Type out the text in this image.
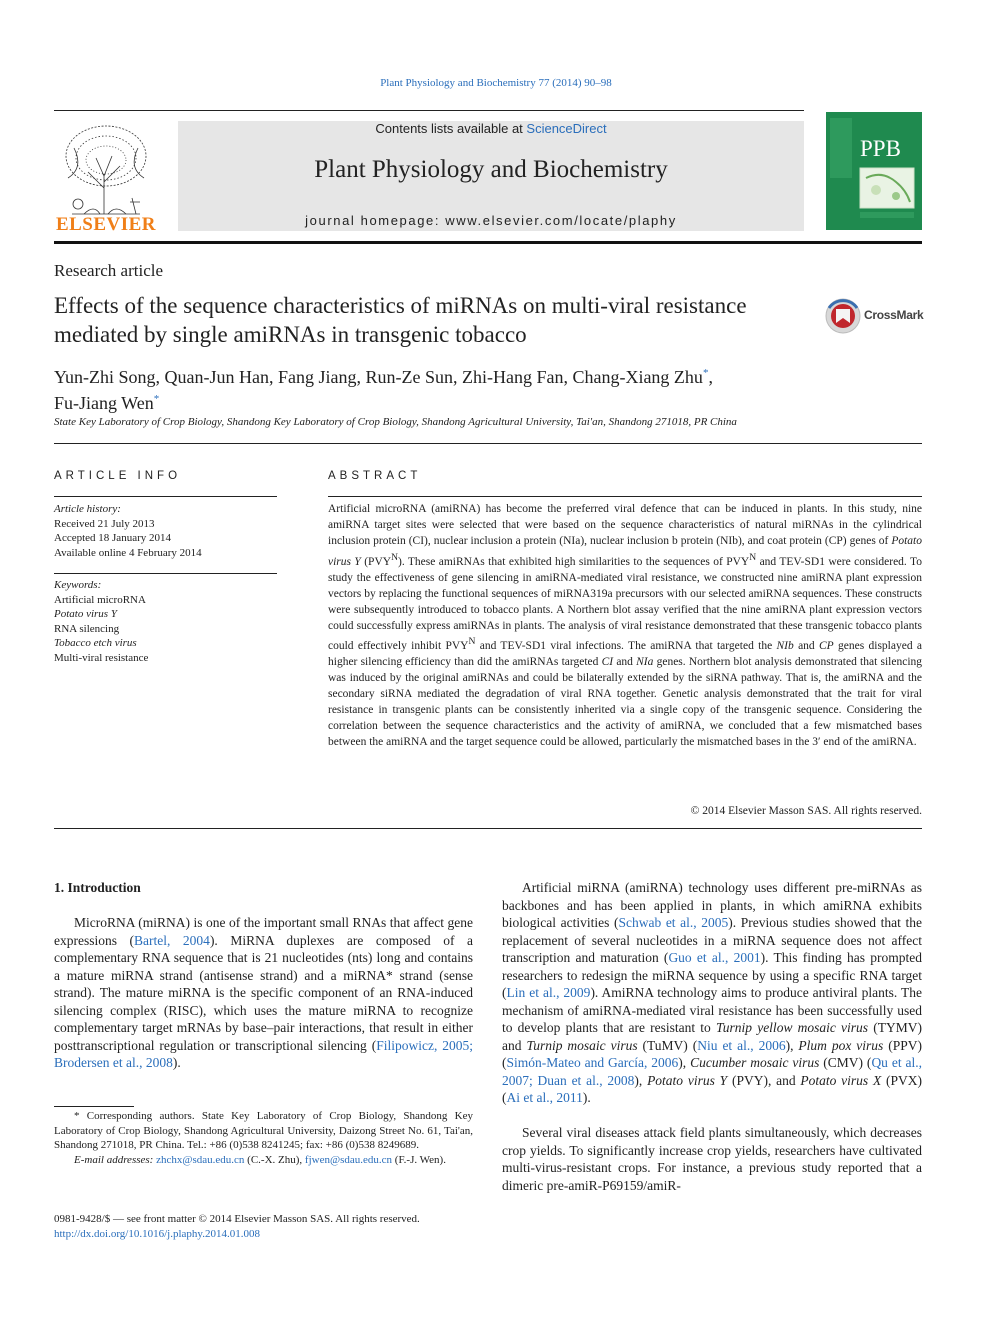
Plant Physiology and Biochemistry 77 (2014) 90–98
ELSEVIER
Contents lists available at ScienceDirect
Plant Physiology and Biochemistry
journal homepage: www.elsevier.com/locate/plaphy
PPB
Research article
Effects of the sequence characteristics of miRNAs on multi-viral resistance mediated by single amiRNAs in transgenic tobacco
CrossMark
Yun-Zhi Song, Quan-Jun Han, Fang Jiang, Run-Ze Sun, Zhi-Hang Fan, Chang-Xiang Zhu*,
Fu-Jiang Wen*
State Key Laboratory of Crop Biology, Shandong Key Laboratory of Crop Biology, Shandong Agricultural University, Tai'an, Shandong 271018, PR China
ARTICLE INFO	ABSTRACT
Article history:
Received 21 July 2013
Accepted 18 January 2014
Available online 4 February 2014
Keywords:
Artificial microRNA
Potato virus Y
RNA silencing
Tobacco etch virus
Multi-viral resistance
Artificial microRNA (amiRNA) has become the preferred viral defence that can be induced in plants. In this study, nine amiRNA target sites were selected that were based on the sequence characteristics of natural miRNAs in the cylindrical inclusion protein (CI), nuclear inclusion a protein (NIa), nuclear inclusion b protein (NIb), and coat protein (CP) genes of Potato virus Y $(PVY^N)$. These amiRNAs that exhibited high similarities to the sequences of $PVY^N$ and TEV-SD1 were considered. To study the effectiveness of gene silencing in amiRNA-mediated viral resistance, we constructed nine amiRNA plant expression vectors by replacing the functional sequences of miRNA319a precursors with our selected amiRNA sequences. These constructs were subsequently introduced to tobacco plants. A Northern blot assay verified that the nine amiRNA plant expression vectors could successfully express amiRNAs in plants. The analysis of viral resistance demonstrated that these transgenic tobacco plants could effectively inhibit $PVY^N$ and TEV-SD1 viral infections. The amiRNA that targeted the NIb and CP genes displayed a higher silencing efficiency than did the amiRNAs targeted CI and NIa genes. Northern blot analysis demonstrated that silencing was induced by the original amiRNAs and could be bilaterally extended by the siRNA pathway. That is, the amiRNA and the secondary siRNA mediated the degradation of viral RNA together. Genetic analysis demonstrated that the trait for viral resistance in transgenic plants can be consistently inherited via a single copy of the transgenic sequence. Considering the correlation between the sequence characteristics and the activity of amiRNA, we concluded that a few mismatched bases between the amiRNA and the target sequence could be allowed, particularly the mismatched bases in the 3′ end of the amiRNA.
© 2014 Elsevier Masson SAS. All rights reserved.
1. Introduction
MicroRNA (miRNA) is one of the important small RNAs that affect gene expressions (Bartel, 2004). MiRNA duplexes are composed of a complementary RNA sequence that is 21 nucleotides (nts) long and contains a mature miRNA strand (antisense strand) and a miRNA* strand (sense strand). The mature miRNA is the specific component of an RNA-induced silencing complex (RISC), which uses the mature miRNA to recognize complementary target mRNAs by base–pair interactions, that result in either posttranscriptional regulation or transcriptional silencing (Filipowicz, 2005; Brodersen et al., 2008).
Artificial miRNA (amiRNA) technology uses different pre-miRNAs as backbones and has been applied in plants, in which amiRNA exhibits biological activities (Schwab et al., 2005). Previous studies showed that the replacement of several nucleotides in a miRNA sequence does not affect transcription and maturation (Guo et al., 2001). This finding has prompted researchers to redesign the miRNA sequence by using a specific RNA target (Lin et al., 2009). AmiRNA technology aims to produce antiviral plants. The mechanism of amiRNA-mediated viral resistance has been successfully used to develop plants that are resistant to Turnip yellow mosaic virus (TYMV) and Turnip mosaic virus (TuMV) (Niu et al., 2006), Plum pox virus (PPV) (Simón-Mateo and García, 2006), Cucumber mosaic virus (CMV) (Qu et al., 2007; Duan et al., 2008), Potato virus Y (PVY), and Potato virus X (PVX) (Ai et al., 2011).
Several viral diseases attack field plants simultaneously, which decreases crop yields. To significantly increase crop yields, researchers have cultivated multi-virus-resistant crops. For instance, a previous study reported that a dimeric pre-amiR-P69159/amiR-
* Corresponding authors. State Key Laboratory of Crop Biology, Shandong Key Laboratory of Crop Biology, Shandong Agricultural University, Daizong Street No. 61, Tai'an, Shandong 271018, PR China. Tel.: +86 (0)538 8241245; fax: +86 (0)538 8249689.
E-mail addresses: zhchx@sdau.edu.cn (C.-X. Zhu), fjwen@sdau.edu.cn (F.-J. Wen).
0981-9428/$ — see front matter © 2014 Elsevier Masson SAS. All rights reserved.
http://dx.doi.org/10.1016/j.plaphy.2014.01.008
